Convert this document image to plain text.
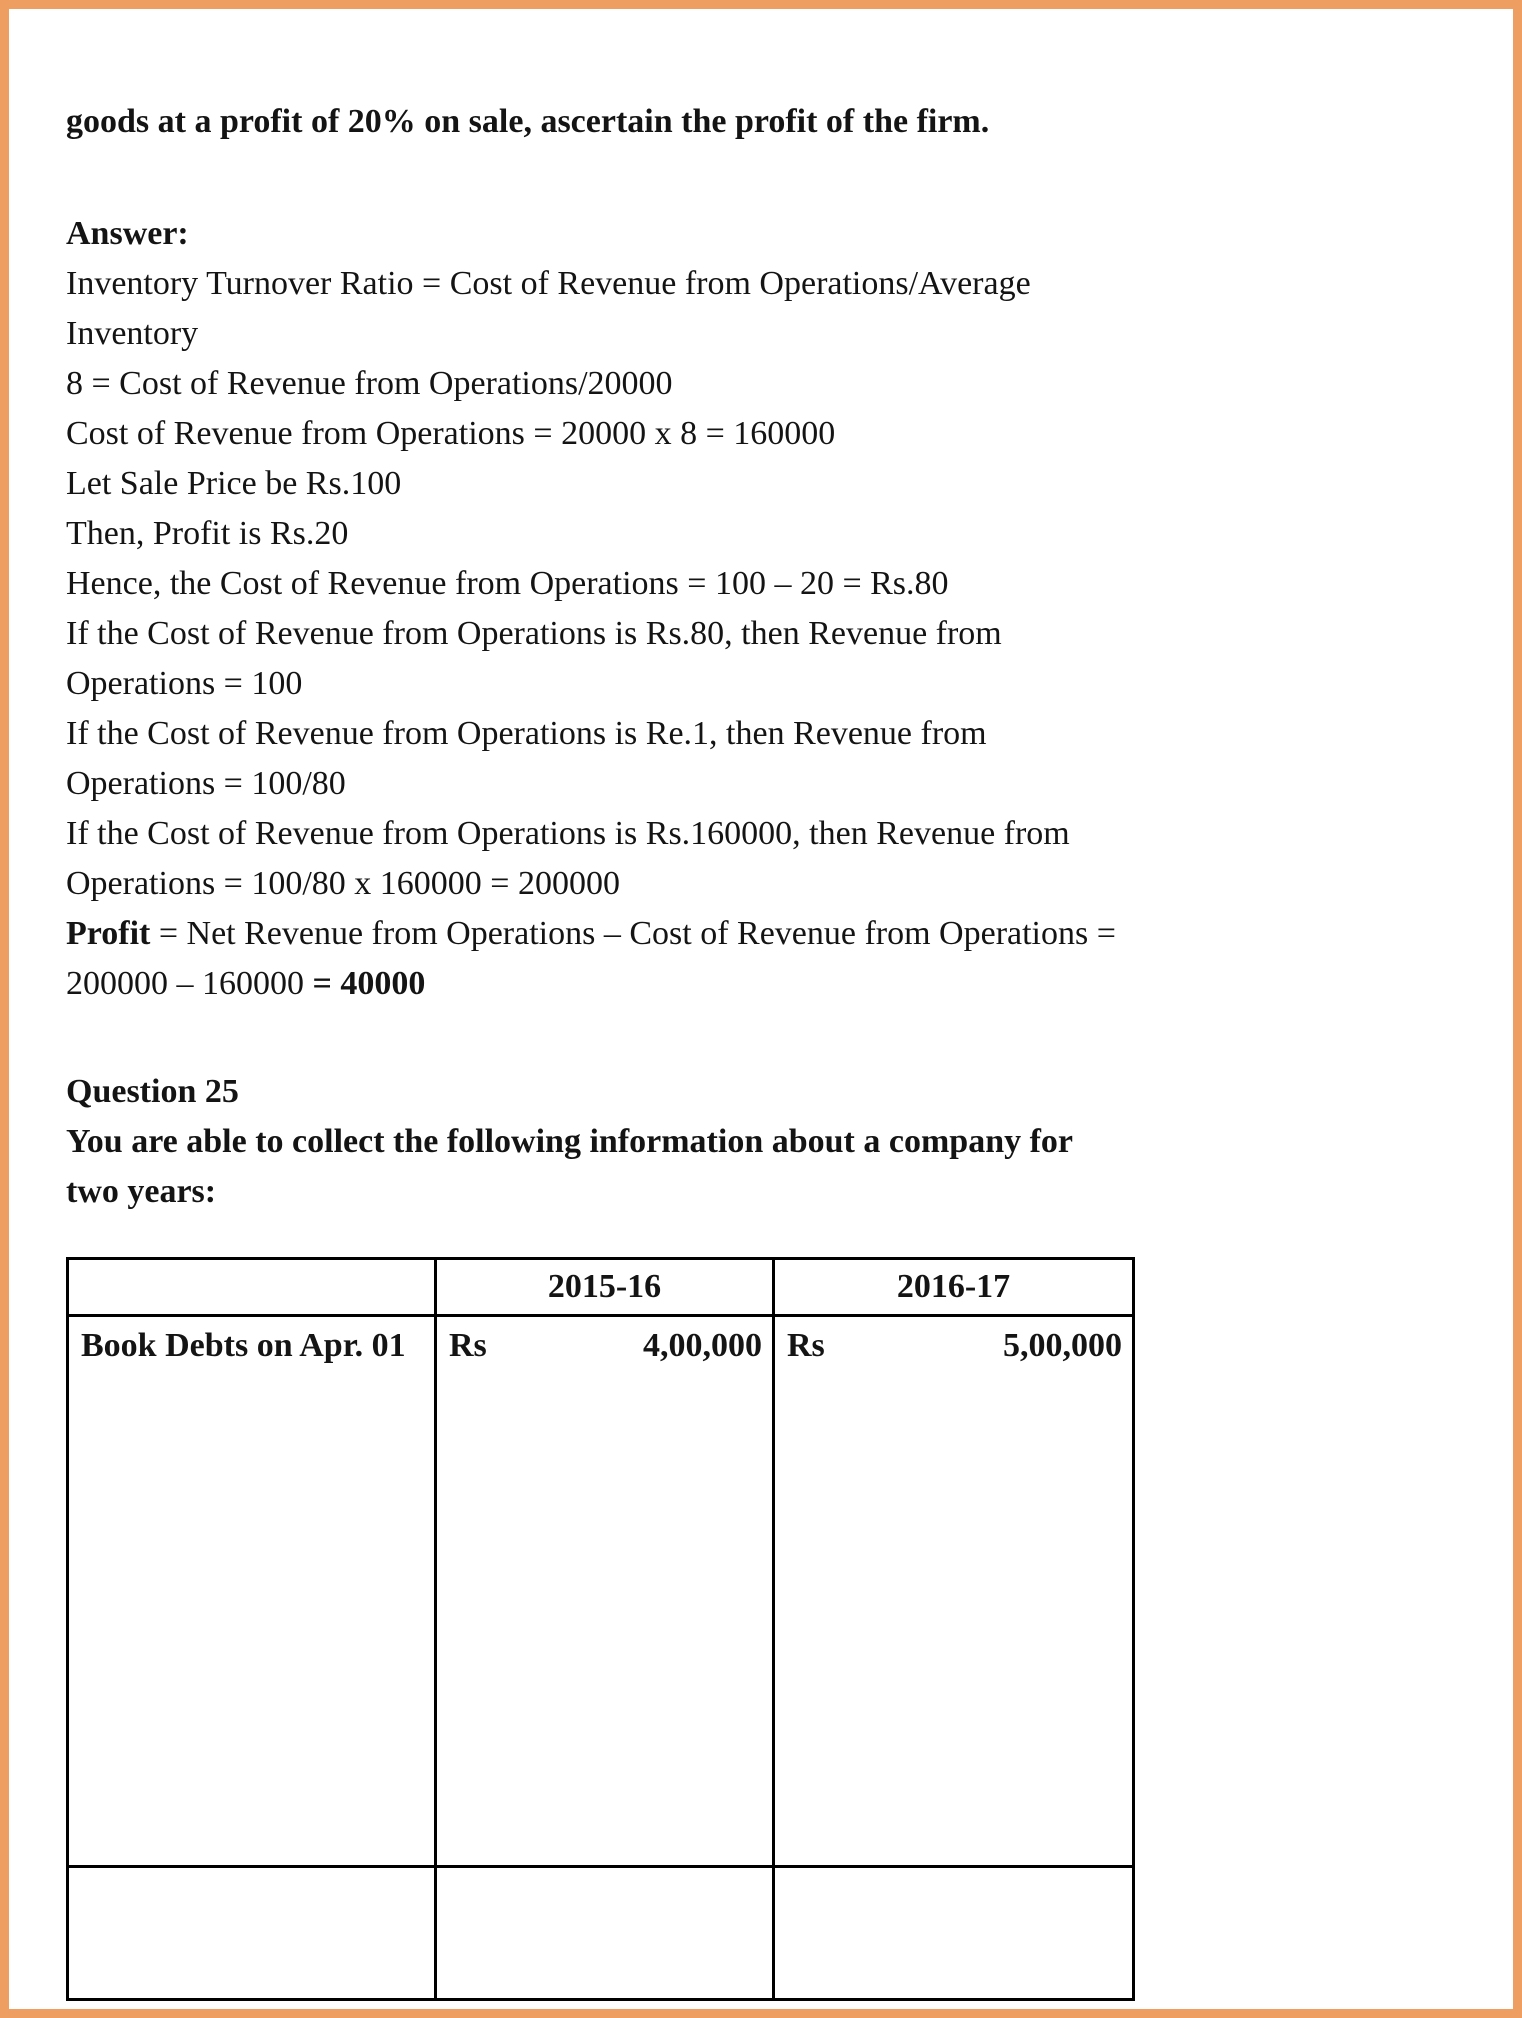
goods at a profit of 20% on sale, ascertain the profit of the firm.

Answer:
Inventory Turnover Ratio = Cost of Revenue from Operations/Average Inventory
8 = Cost of Revenue from Operations/20000
Cost of Revenue from Operations = 20000 x 8 = 160000
Let Sale Price be Rs.100
Then, Profit is Rs.20
Hence, the Cost of Revenue from Operations = 100 – 20 = Rs.80
If the Cost of Revenue from Operations is Rs.80, then Revenue from Operations = 100
If the Cost of Revenue from Operations is Re.1, then Revenue from Operations = 100/80
If the Cost of Revenue from Operations is Rs.160000, then Revenue from Operations = 100/80 x 160000 = 200000
Profit = Net Revenue from Operations – Cost of Revenue from Operations = 200000 – 160000 = 40000
Question 25
You are able to collect the following information about a company for two years:
	2015-16	2016-17
Book Debts on Apr. 01	Rs 4,00,000	Rs 5,00,000
